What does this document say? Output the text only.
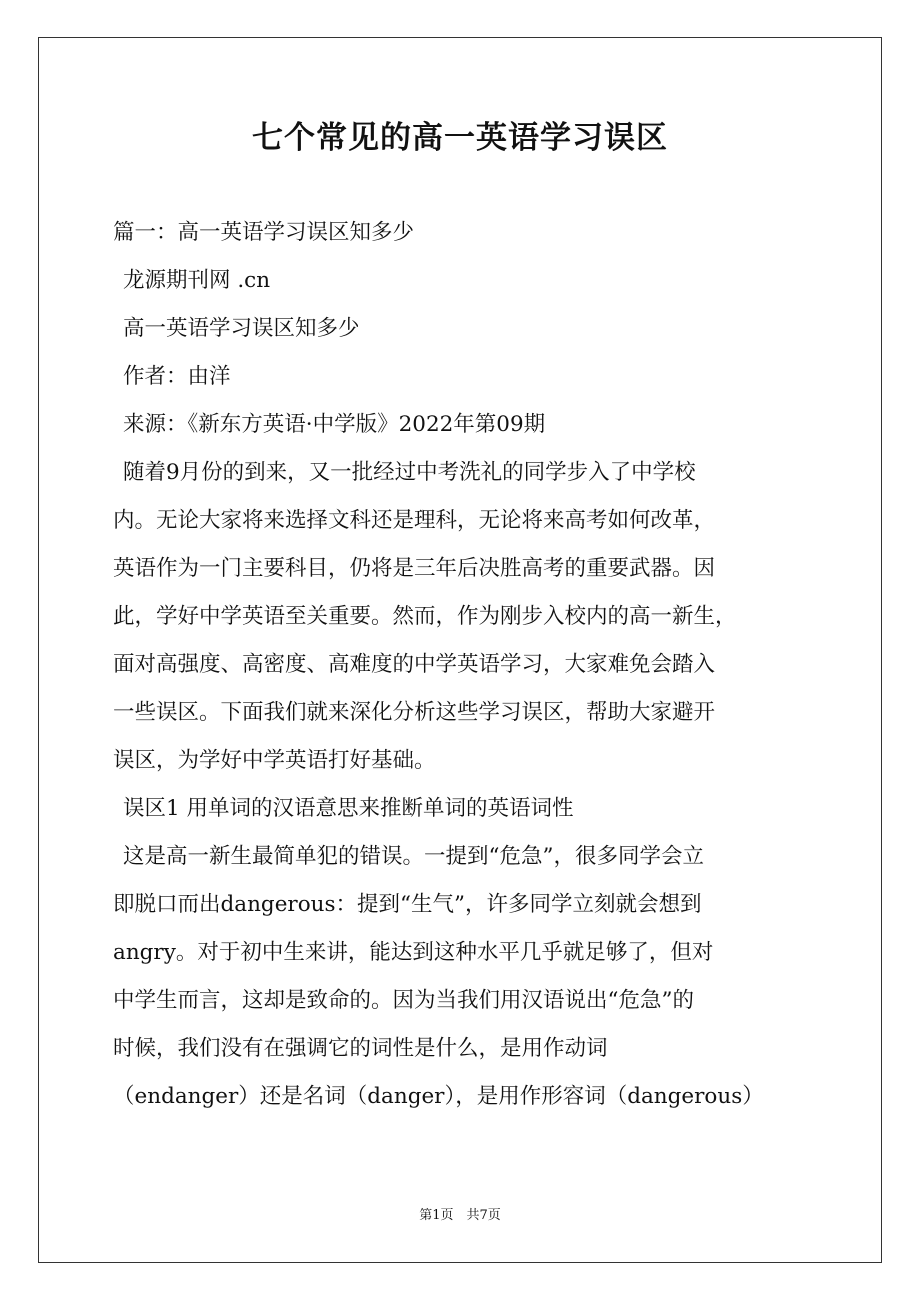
七个常见的高一英语学习误区
篇一：高一英语学习误区知多少
龙源期刊网 .cn
高一英语学习误区知多少
作者：由洋
来源：《新东方英语·中学版》2022年第09期
随着9月份的到来，又一批经过中考洗礼的同学步入了中学校
内。无论大家将来选择文科还是理科，无论将来高考如何改革，
英语作为一门主要科目，仍将是三年后决胜高考的重要武器。因
此，学好中学英语至关重要。然而，作为刚步入校内的高一新生，
面对高强度、高密度、高难度的中学英语学习，大家难免会踏入
一些误区。下面我们就来深化分析这些学习误区，帮助大家避开
误区，为学好中学英语打好基础。
误区1 用单词的汉语意思来推断单词的英语词性
这是高一新生最简单犯的错误。一提到“危急”，很多同学会立
即脱口而出dangerous：提到“生气”，许多同学立刻就会想到
angry。对于初中生来讲，能达到这种水平几乎就足够了，但对
中学生而言，这却是致命的。因为当我们用汉语说出“危急”的
时候，我们没有在强调它的词性是什么，是用作动词
（endanger）还是名词（danger），是用作形容词（dangerous）
第1页　共7页
